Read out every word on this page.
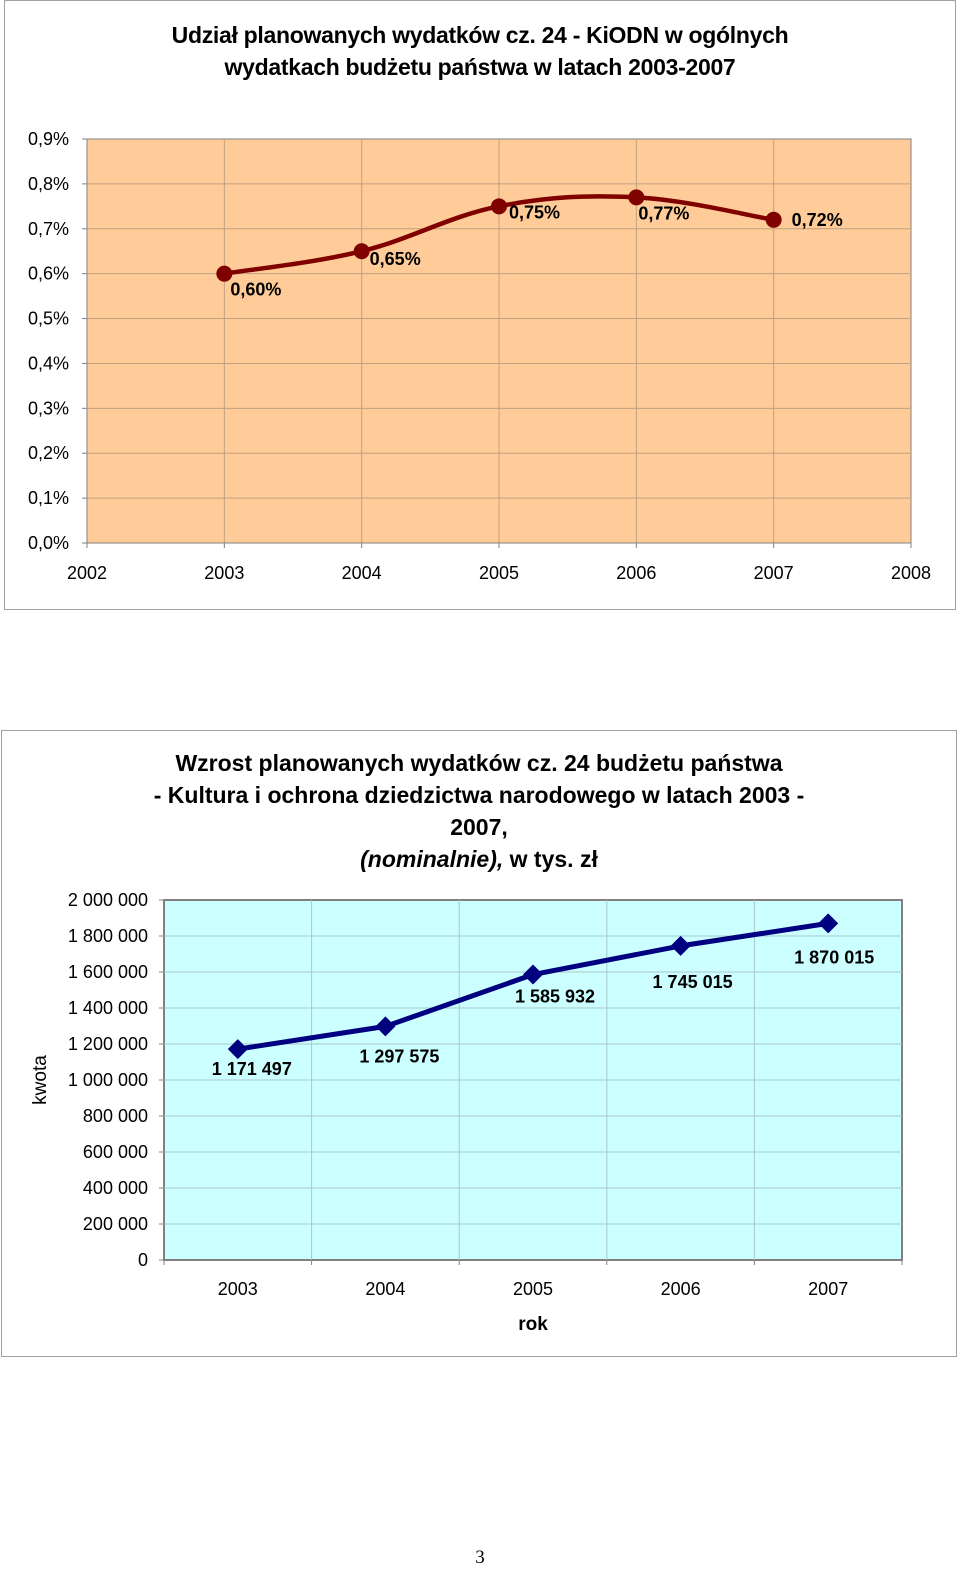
Udział planowanych wydatków cz. 24 - KiODN w ogólnych
wydatkach budżetu państwa w latach 2003-2007
0,0%
0,1%
0,2%
0,3%
0,4%
0,5%
0,6%
0,7%
0,8%
0,9%
2002	2003	2004	2005	2006	2007	2008
0,60%
0,65%
0,75%	0,77%	0,72%
Wzrost planowanych wydatków cz. 24 budżetu państwa
- Kultura i ochrona dziedzictwa narodowego w latach 2003 -
2007,
(nominalnie), w tys. zł
0
200 000
400 000
600 000
800 000
1 000 000
1 200 000
1 400 000
1 600 000
1 800 000
2 000 000
2003	2004	2005	2006	2007
rok
kwota	1 171 497
1 297 575
1 585 932
1 745 015
1 870 015
3
